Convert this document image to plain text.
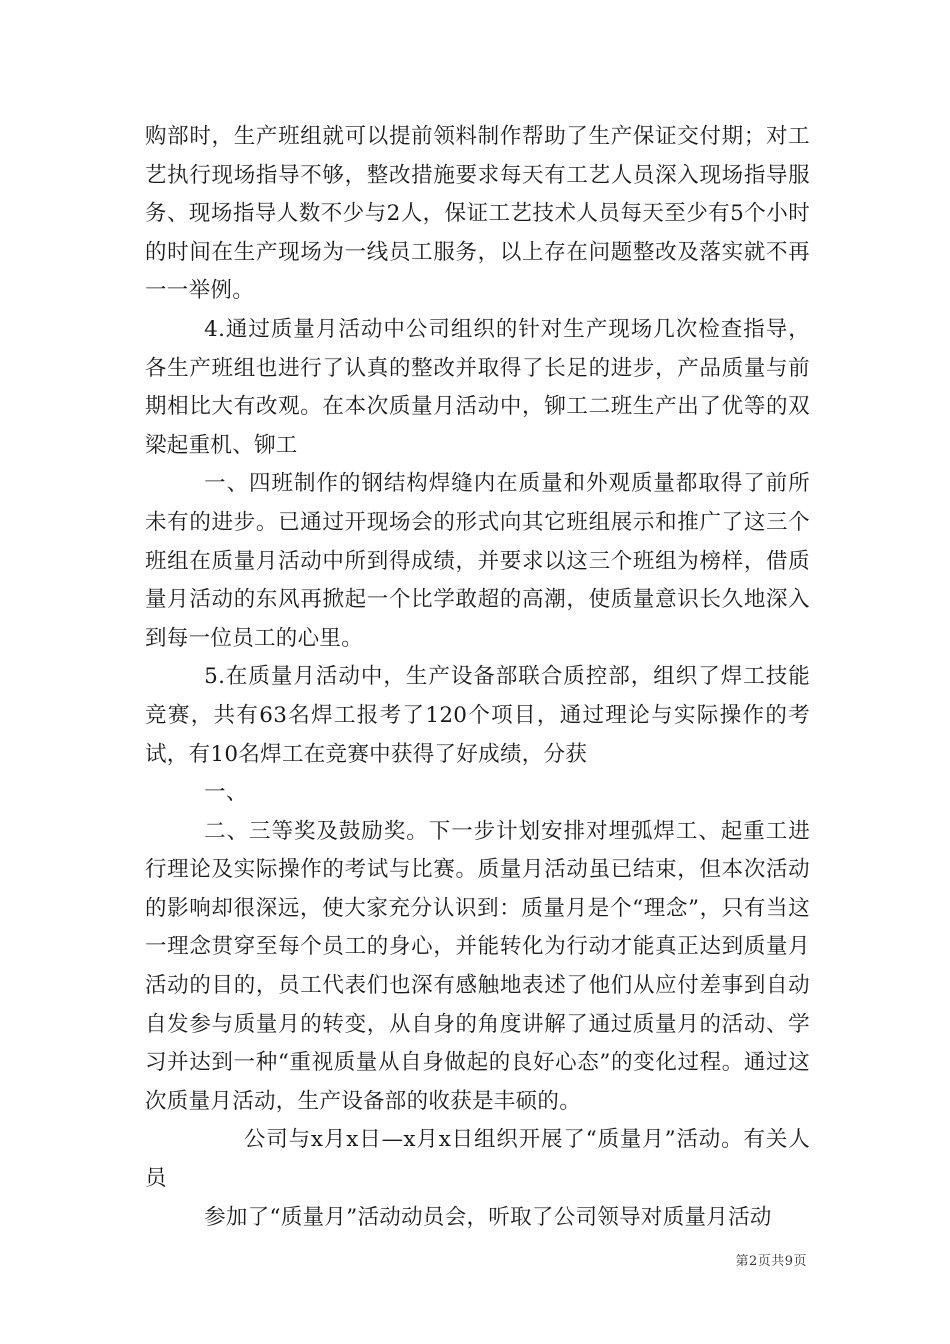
购部时，生产班组就可以提前领料制作帮助了生产保证交付期；对工艺执行现场指导不够，整改措施要求每天有工艺人员深入现场指导服务、现场指导人数不少与2人，保证工艺技术人员每天至少有5个小时的时间在生产现场为一线员工服务，以上存在问题整改及落实就不再一一举例。

4.通过质量月活动中公司组织的针对生产现场几次检查指导，各生产班组也进行了认真的整改并取得了长足的进步，产品质量与前期相比大有改观。在本次质量月活动中，铆工二班生产出了优等的双梁起重机、铆工

一、四班制作的钢结构焊缝内在质量和外观质量都取得了前所未有的进步。已通过开现场会的形式向其它班组展示和推广了这三个班组在质量月活动中所到得成绩，并要求以这三个班组为榜样，借质量月活动的东风再掀起一个比学敢超的高潮，使质量意识长久地深入到每一位员工的心里。

5.在质量月活动中，生产设备部联合质控部，组织了焊工技能竞赛，共有63名焊工报考了120个项目，通过理论与实际操作的考试，有10名焊工在竞赛中获得了好成绩，分获

一、

二、三等奖及鼓励奖。下一步计划安排对埋弧焊工、起重工进行理论及实际操作的考试与比赛。质量月活动虽已结束，但本次活动的影响却很深远，使大家充分认识到：质量月是个“理念”，只有当这一理念贯穿至每个员工的身心，并能转化为行动才能真正达到质量月活动的目的，员工代表们也深有感触地表述了他们从应付差事到自动自发参与质量月的转变，从自身的角度讲解了通过质量月的活动、学习并达到一种“重视质量从自身做起的良好心态”的变化过程。通过这次质量月活动，生产设备部的收获是丰硕的。

公司与x月x日—x月x日组织开展了“质量月”活动。有关人员

参加了“质量月”活动动员会，听取了公司领导对质量月活动

第2页共9页
